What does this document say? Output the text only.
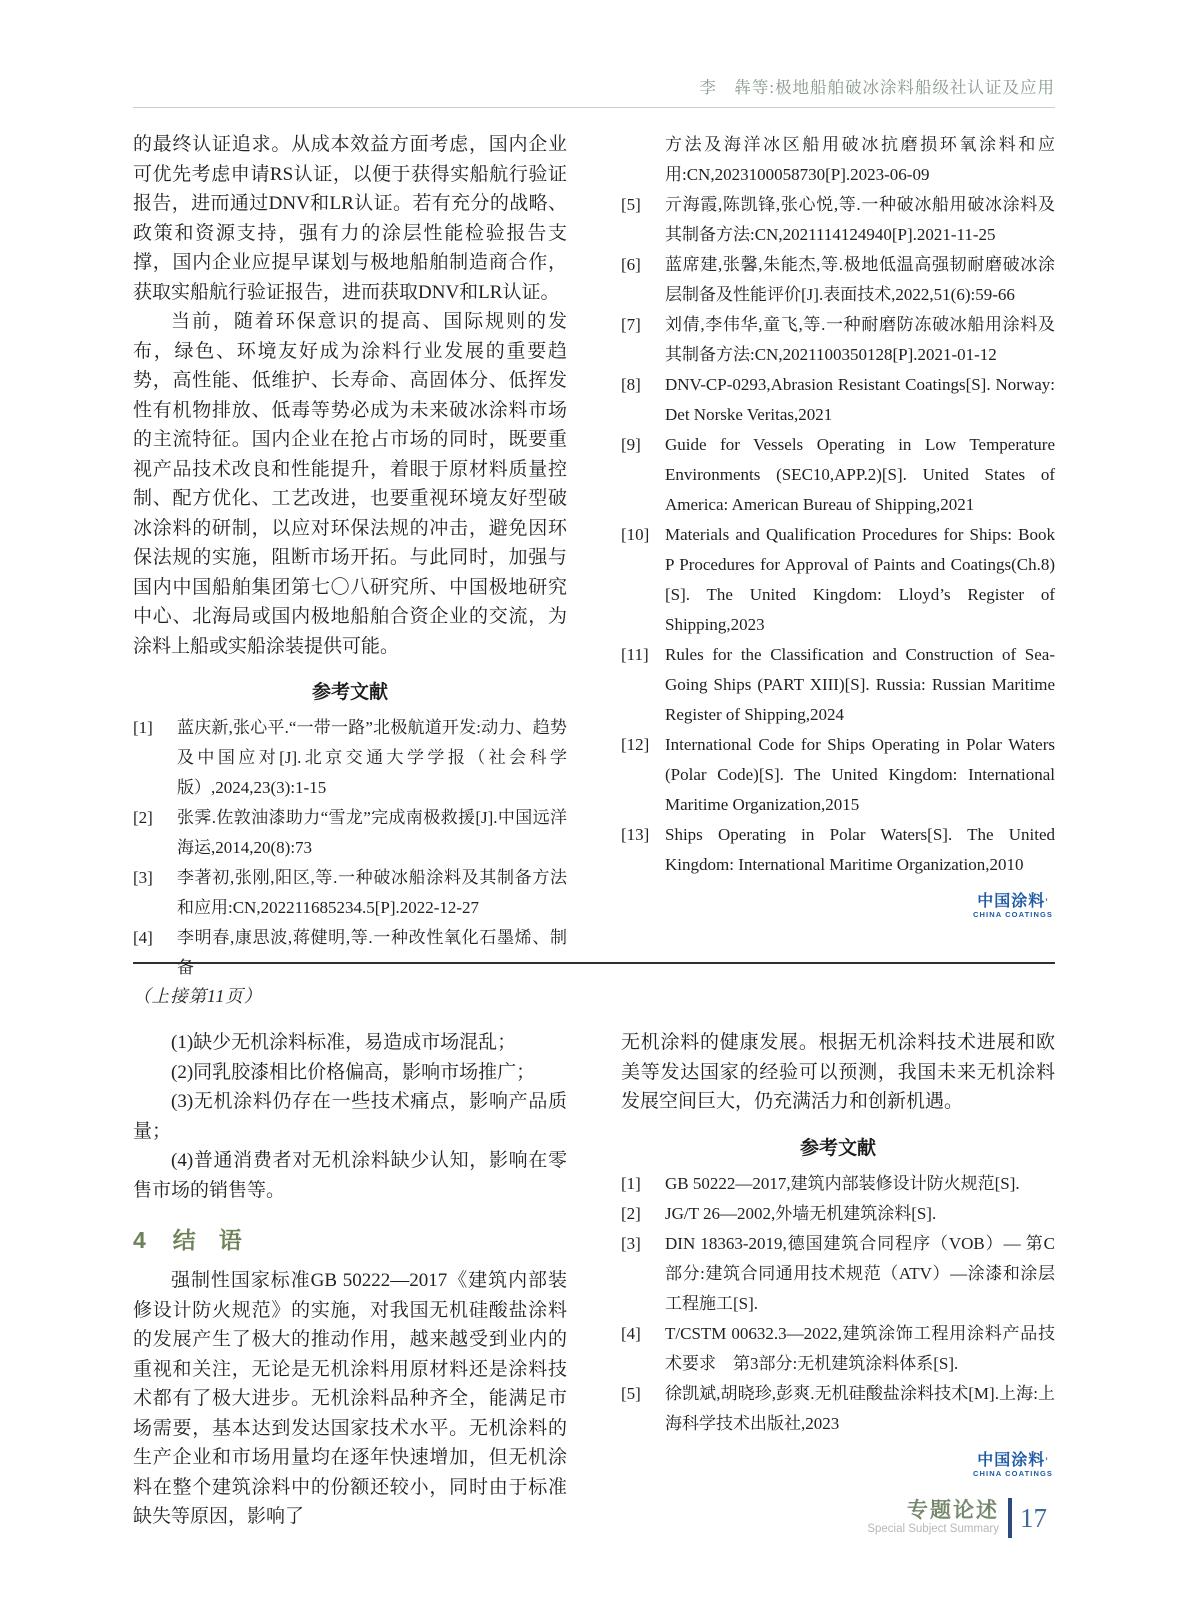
李　犇等:极地船舶破冰涂料船级社认证及应用

的最终认证追求。从成本效益方面考虑，国内企业可优先考虑申请RS认证，以便于获得实船航行验证报告，进而通过DNV和LR认证。若有充分的战略、政策和资源支持，强有力的涂层性能检验报告支撑，国内企业应提早谋划与极地船舶制造商合作，获取实船航行验证报告，进而获取DNV和LR认证。

当前，随着环保意识的提高、国际规则的发布，绿色、环境友好成为涂料行业发展的重要趋势，高性能、低维护、长寿命、高固体分、低挥发性有机物排放、低毒等势必成为未来破冰涂料市场的主流特征。国内企业在抢占市场的同时，既要重视产品技术改良和性能提升，着眼于原材料质量控制、配方优化、工艺改进，也要重视环境友好型破冰涂料的研制，以应对环保法规的冲击，避免因环保法规的实施，阻断市场开拓。与此同时，加强与国内中国船舶集团第七〇八研究所、中国极地研究中心、北海局或国内极地船舶合资企业的交流，为涂料上船或实船涂装提供可能。

参考文献

[1] 蓝庆新,张心平.“一带一路”北极航道开发:动力、趋势及中国应对[J].北京交通大学学报（社会科学版）,2024,23(3):1-15

[2] 张霁.佐敦油漆助力“雪龙”完成南极救援[J].中国远洋海运,2014,20(8):73

[3] 李著初,张刚,阳区,等.一种破冰船涂料及其制备方法和应用:CN,202211685234.5[P].2022-12-27

[4] 李明春,康思波,蒋健明,等.一种改性氧化石墨烯、制备

方法及海洋冰区船用破冰抗磨损环氧涂料和应用:CN,2023100058730[P].2023-06-09

[5] 亓海霞,陈凯锋,张心悦,等.一种破冰船用破冰涂料及其制备方法:CN,2021114124940[P].2021-11-25

[6] 蓝席建,张馨,朱能杰,等.极地低温高强韧耐磨破冰涂层制备及性能评价[J].表面技术,2022,51(6):59-66

[7] 刘倩,李伟华,童飞,等.一种耐磨防冻破冰船用涂料及其制备方法:CN,2021100350128[P].2021-01-12

[8] DNV-CP-0293,Abrasion Resistant Coatings[S]. Norway: Det Norske Veritas,2021

[9] Guide for Vessels Operating in Low Temperature Environments (SEC10,APP.2)[S]. United States of America: American Bureau of Shipping,2021

[10] Materials and Qualification Procedures for Ships: Book P Procedures for Approval of Paints and Coatings(Ch.8)[S]. The United Kingdom: Lloyd’s Register of Shipping,2023

[11] Rules for the Classification and Construction of Sea-Going Ships (PART XIII)[S]. Russia: Russian Maritime Register of Shipping,2024

[12] International Code for Ships Operating in Polar Waters (Polar Code)[S]. The United Kingdom: International Maritime Organization,2015

[13] Ships Operating in Polar Waters[S]. The United Kingdom: International Maritime Organization,2010

中国涂料’
CHINA COATINGS
（上接第11页）

(1)缺少无机涂料标准，易造成市场混乱；

(2)同乳胶漆相比价格偏高，影响市场推广；

(3)无机涂料仍存在一些技术痛点，影响产品质量；

(4)普通消费者对无机涂料缺少认知，影响在零售市场的销售等。

4 结　语

强制性国家标准GB 50222—2017《建筑内部装修设计防火规范》的实施，对我国无机硅酸盐涂料的发展产生了极大的推动作用，越来越受到业内的重视和关注，无论是无机涂料用原材料还是涂料技术都有了极大进步。无机涂料品种齐全，能满足市场需要，基本达到发达国家技术水平。无机涂料的生产企业和市场用量均在逐年快速增加，但无机涂料在整个建筑涂料中的份额还较小，同时由于标准缺失等原因，影响了

无机涂料的健康发展。根据无机涂料技术进展和欧美等发达国家的经验可以预测，我国未来无机涂料发展空间巨大，仍充满活力和创新机遇。

参考文献

[1] GB 50222—2017,建筑内部装修设计防火规范[S].

[2] JG/T 26—2002,外墙无机建筑涂料[S].

[3] DIN 18363-2019,德国建筑合同程序（VOB）— 第C部分:建筑合同通用技术规范（ATV）—涂漆和涂层工程施工[S].

[4] T/CSTM 00632.3—2022,建筑涂饰工程用涂料产品技术要求　第3部分:无机建筑涂料体系[S].

[5] 徐凯斌,胡晓珍,彭爽.无机硅酸盐涂料技术[M].上海:上海科学技术出版社,2023

中国涂料’
CHINA COATINGS
专题论述
Special Subject Summary 17
